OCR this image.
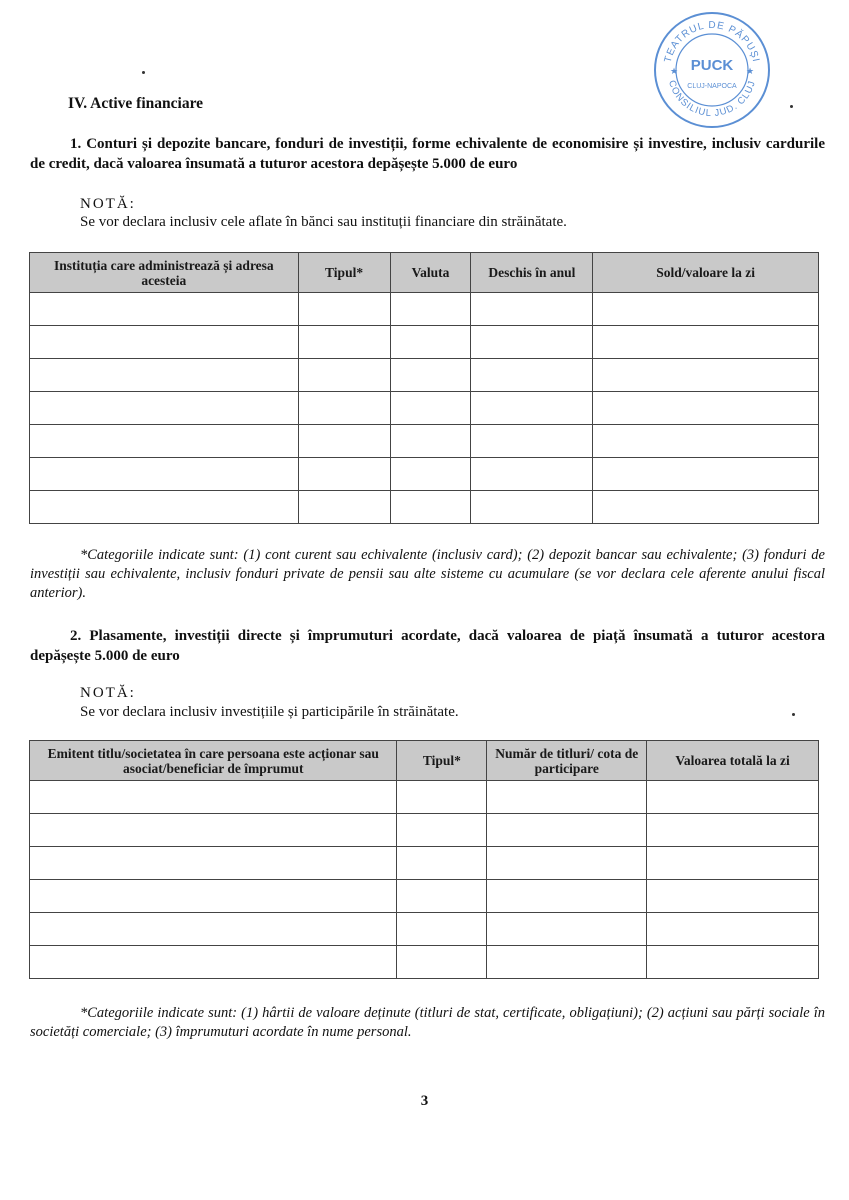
TEATRUL DE PĂPUȘI
CONSILIUL JUD. CLUJ
PUCK
CLUJ-NAPOCA
★	★
IV. Active financiare
1. Conturi și depozite bancare, fonduri de investiții, forme echivalente de economisire și investire, inclusiv cardurile de credit, dacă valoarea însumată a tuturor acestora depășește 5.000 de euro
NOTĂ:
Se vor declara inclusiv cele aflate în bănci sau instituții financiare din străinătate.
Instituția care administrează și adresa acesteia	Tipul*	Valuta	Deschis în anul	Sold/valoare la zi

*Categoriile indicate sunt: (1) cont curent sau echivalente (inclusiv card); (2) depozit bancar sau echivalente; (3) fonduri de investiții sau echivalente, inclusiv fonduri private de pensii sau alte sisteme cu acumulare (se vor declara cele aferente anului fiscal anterior).
2. Plasamente, investiții directe și împrumuturi acordate, dacă valoarea de piață însumată a tuturor acestora depășește 5.000 de euro
NOTĂ:
Se vor declara inclusiv investițiile și participările în străinătate.
Emitent titlu/societatea în care persoana este acționar sau asociat/beneficiar de împrumut	Tipul*	Număr de titluri/ cota de participare	Valoarea totală la zi

*Categoriile indicate sunt: (1) hârtii de valoare deținute (titluri de stat, certificate, obligațiuni); (2) acțiuni sau părți sociale în societăți comerciale; (3) împrumuturi acordate în nume personal.
3
